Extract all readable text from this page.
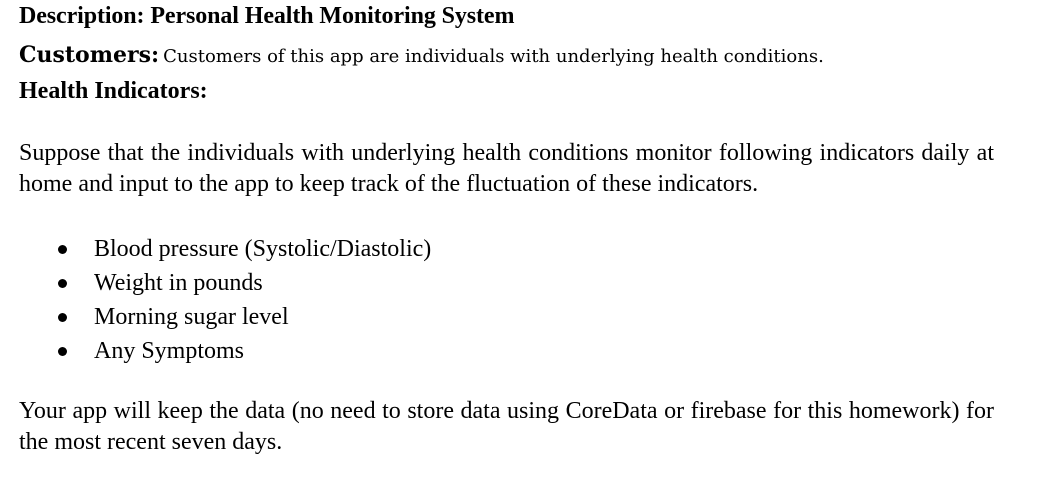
Description: Personal Health Monitoring System
Customers: Customers of this app are individuals with underlying health conditions.
Health Indicators:

Suppose that the individuals with underlying health conditions monitor following indicators daily at home and input to the app to keep track of the fluctuation of these indicators.

Blood pressure (Systolic/Diastolic)
Weight in pounds
Morning sugar level
Any Symptoms

Your app will keep the data (no need to store data using CoreData or firebase for this homework) for the most recent seven days.
